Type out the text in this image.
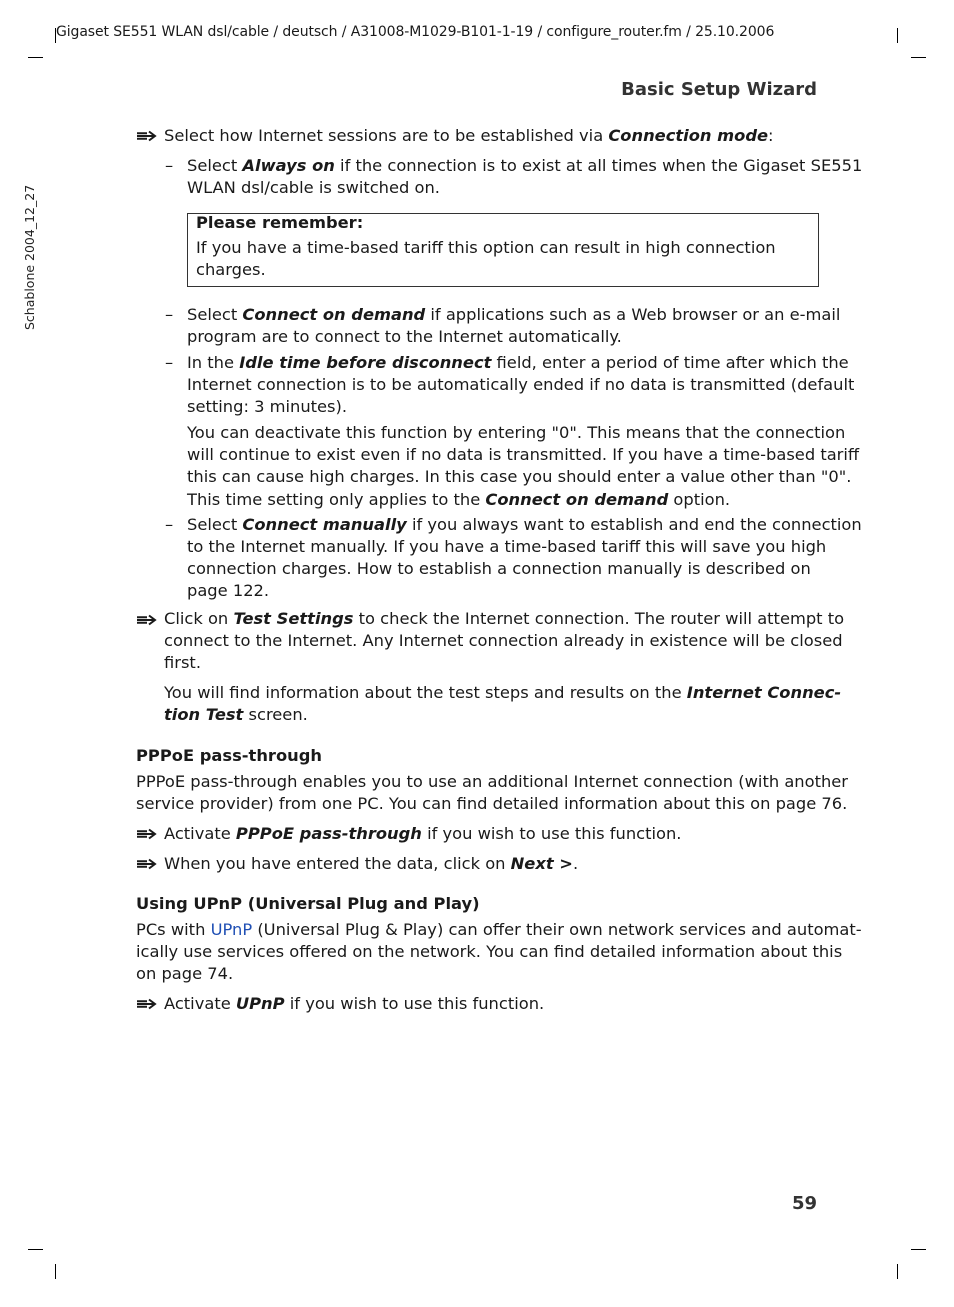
Gigaset SE551 WLAN dsl/cable / deutsch / A31008-M1029-B101-1-19 / configure_router.fm / 25.10.2006
Basic Setup Wizard
Schablone 2004_12_27
Select how Internet sessions are to be established via Connection mode:
– Select Always on if the connection is to exist at all times when the Gigaset SE551
WLAN dsl/cable is switched on.
Please remember:
If you have a time-based tariff this option can result in high connection
charges.
– Select Connect on demand if applications such as a Web browser or an e-mail
program are to connect to the Internet automatically.
– In the Idle time before disconnect field, enter a period of time after which the
Internet connection is to be automatically ended if no data is transmitted (default
setting: 3 minutes).
You can deactivate this function by entering "0". This means that the connection
will continue to exist even if no data is transmitted. If you have a time-based tariff
this can cause high charges. In this case you should enter a value other than "0".
This time setting only applies to the Connect on demand option.
– Select Connect manually if you always want to establish and end the connection
to the Internet manually. If you have a time-based tariff this will save you high
connection charges. How to establish a connection manually is described on
page 122.
Click on Test Settings to check the Internet connection. The router will attempt to
connect to the Internet. Any Internet connection already in existence will be closed
first.
You will find information about the test steps and results on the Internet Connec-
tion Test screen.
PPPoE pass-through
PPPoE pass-through enables you to use an additional Internet connection (with another
service provider) from one PC. You can find detailed information about this on page 76.
Activate PPPoE pass-through if you wish to use this function.
When you have entered the data, click on Next >.
Using UPnP (Universal Plug and Play)
PCs with UPnP (Universal Plug & Play) can offer their own network services and automat-
ically use services offered on the network. You can find detailed information about this
on page 74.
Activate UPnP if you wish to use this function.
59
